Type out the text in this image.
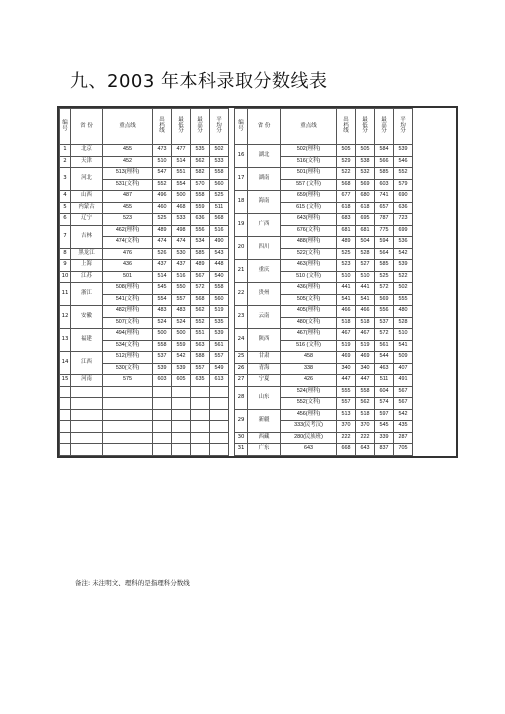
九、2003 年本科录取分数线表
编
号	省 份	重点线	出
档
线	最
低
分	最
高
分	平
均
分		编
号	省 份	重点线	出
档
线	最
低
分	最
高
分	平
均
分
1	北京	455	473	477	535	502		16	湖北	502(理科)	505	505	584	539
2	天津	452	510	514	562	533				516(文科)	529	538	566	546
3	河北	513(理科)	547	551	582	558		17	湖南	501(理科)	522	532	585	552
		531(文科)	552	554	570	560				557 (文科)	568	569	603	579
4	山西	487	496	500	558	525		18	海南	659(理科)	677	680	741	690
5	内蒙古	455	460	468	559	511				615 (文科)	618	618	657	636
6	辽宁	523	525	533	636	568		19	广西	643(理科)	683	695	787	723
7	吉林	462(理科)	489	498	556	516				676(文科)	681	681	775	699
		474(文科)	474	474	534	490		20	四川	488(理科)	489	504	594	536
8	黑龙江	476	526	530	585	543				522(文科)	525	528	564	542
9	上海	436	437	437	489	448		21	重庆	463(理科)	523	527	585	539
10	江苏	501	514	516	567	540				510 (文科)	510	510	525	522
11	浙江	508(理科)	545	550	572	558		22	贵州	436(理科)	441	441	572	502
		541(文科)	554	557	568	560				505(文科)	541	541	569	555
12	安徽	482(理科)	483	483	562	519		23	云南	405(理科)	466	466	556	480
		507(文科)	524	524	552	535				480(文科)	518	518	537	528
13	福建	494(理科)	500	500	551	539		24	陕西	467(理科)	467	467	572	510
		534(文科)	558	559	563	561				516 (文科)	519	519	561	541
14	江西	512(理科)	537	542	588	557		25	甘肃	458	469	469	544	509
		530(文科)	539	539	557	549		26	青海	338	340	340	463	407
15	河南	575	603	605	635	613		27	宁夏	426	447	447	511	491
								28	山东	524(理科)	555	558	604	567
										552(文科)	557	562	574	567
								29	新疆	456(理科)	513	518	597	542
										333(民考汉)	370	370	545	435
								30	西藏	280(民族班)	222	222	339	287
								31	广东	643	668	643	837	705
备注: 未注明文、理科的是指理科分数线
